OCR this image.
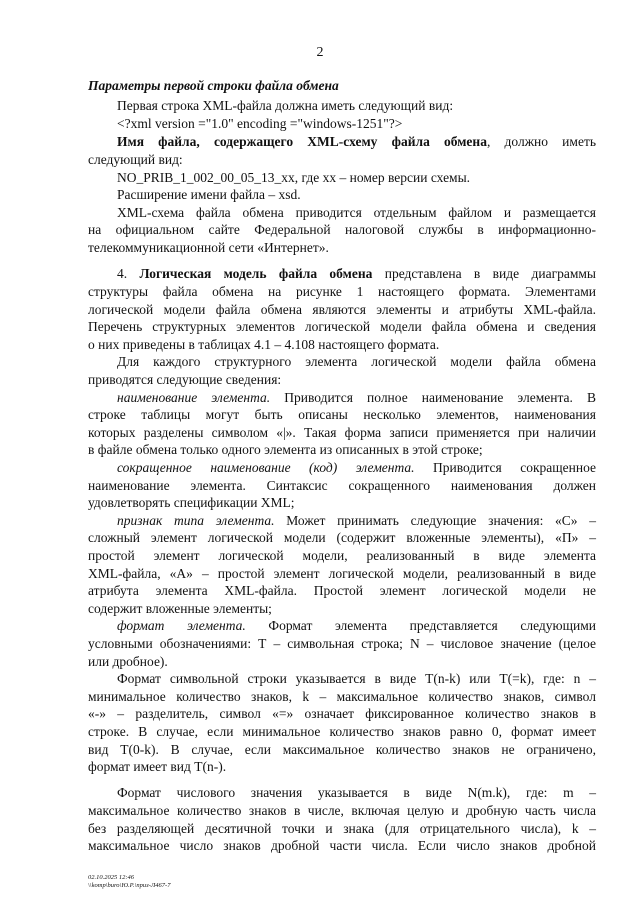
2
Параметры первой строки файла обмена
Первая строка XML-файла должна иметь следующий вид:
<?xml version ="1.0" encoding ="windows-1251"?>
Имя файла, содержащего XML-схему файла обмена, должно иметь
следующий вид:
NO_PRIB_1_002_00_05_13_xx, где xx – номер версии схемы.
Расширение имени файла – xsd.
XML-схема файла обмена приводится отдельным файлом и размещается
на официальном сайте Федеральной налоговой службы в информационно-
телекоммуникационной сети «Интернет».
4. Логическая модель файла обмена представлена в виде диаграммы
структуры файла обмена на рисунке 1 настоящего формата. Элементами
логической модели файла обмена являются элементы и атрибуты XML-файла.
Перечень структурных элементов логической модели файла обмена и сведения
о них приведены в таблицах 4.1 – 4.108 настоящего формата.
Для каждого структурного элемента логической модели файла обмена
приводятся следующие сведения:
наименование элемента. Приводится полное наименование элемента. В
строке таблицы могут быть описаны несколько элементов, наименования
которых разделены символом «|». Такая форма записи применяется при наличии
в файле обмена только одного элемента из описанных в этой строке;
сокращенное наименование (код) элемента. Приводится сокращенное
наименование элемента. Синтаксис сокращенного наименования должен
удовлетворять спецификации XML;
признак типа элемента. Может принимать следующие значения: «С» –
сложный элемент логической модели (содержит вложенные элементы), «П» –
простой элемент логической модели, реализованный в виде элемента
XML-файла, «А» – простой элемент логической модели, реализованный в виде
атрибута элемента XML-файла. Простой элемент логической модели не
содержит вложенные элементы;
формат элемента. Формат элемента представляется следующими
условными обозначениями: Т – символьная строка; N – числовое значение (целое
или дробное).
Формат символьной строки указывается в виде Т(n-k) или Т(=k), где: n –
минимальное количество знаков, k – максимальное количество знаков, символ
«-» – разделитель, символ «=» означает фиксированное количество знаков в
строке. В случае, если минимальное количество знаков равно 0, формат имеет
вид Т(0-k). В случае, если максимальное количество знаков не ограничено,
формат имеет вид Т(n-).
Формат числового значения указывается в виде N(m.k), где: m –
максимальное количество знаков в числе, включая целую и дробную часть числа
без разделяющей десятичной точки и знака (для отрицательного числа), k –
максимальное число знаков дробной части числа. Если число знаков дробной
02.10.2025 12:46
\\komp\buro\Ю.Р.\приз-Л467-7
